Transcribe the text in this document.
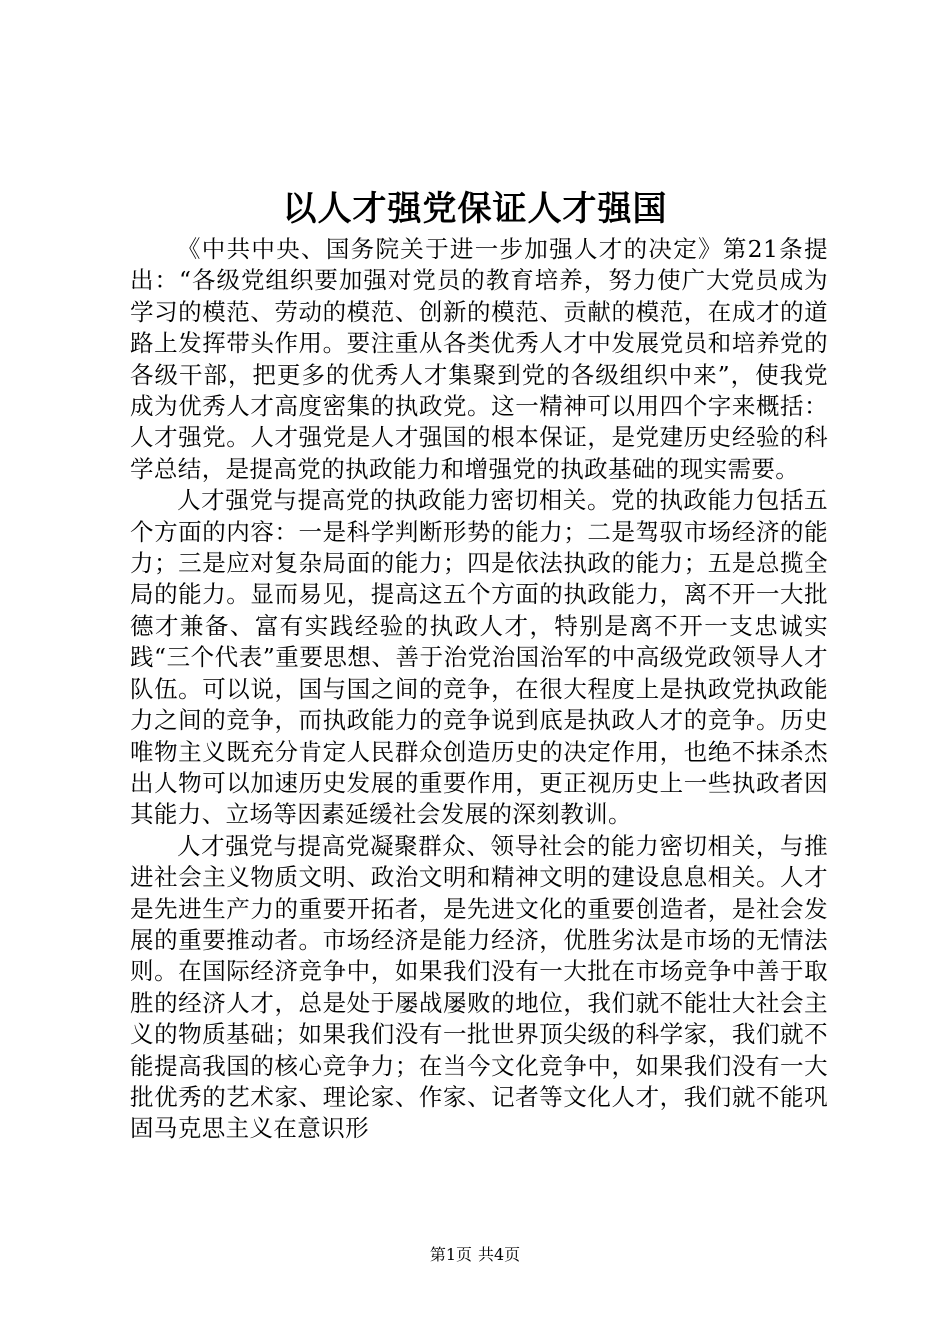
以人才强党保证人才强国

《中共中央、国务院关于进一步加强人才的决定》第21条提出：“各级党组织要加强对党员的教育培养，努力使广大党员成为学习的模范、劳动的模范、创新的模范、贡献的模范，在成才的道路上发挥带头作用。要注重从各类优秀人才中发展党员和培养党的各级干部，把更多的优秀人才集聚到党的各级组织中来”，使我党成为优秀人才高度密集的执政党。这一精神可以用四个字来概括：人才强党。人才强党是人才强国的根本保证，是党建历史经验的科学总结，是提高党的执政能力和增强党的执政基础的现实需要。

人才强党与提高党的执政能力密切相关。党的执政能力包括五个方面的内容：一是科学判断形势的能力；二是驾驭市场经济的能力；三是应对复杂局面的能力；四是依法执政的能力；五是总揽全局的能力。显而易见，提高这五个方面的执政能力，离不开一大批德才兼备、富有实践经验的执政人才，特别是离不开一支忠诚实践“三个代表”重要思想、善于治党治国治军的中高级党政领导人才队伍。可以说，国与国之间的竞争，在很大程度上是执政党执政能力之间的竞争，而执政能力的竞争说到底是执政人才的竞争。历史唯物主义既充分肯定人民群众创造历史的决定作用，也绝不抹杀杰出人物可以加速历史发展的重要作用，更正视历史上一些执政者因其能力、立场等因素延缓社会发展的深刻教训。

人才强党与提高党凝聚群众、领导社会的能力密切相关，与推进社会主义物质文明、政治文明和精神文明的建设息息相关。人才是先进生产力的重要开拓者，是先进文化的重要创造者，是社会发展的重要推动者。市场经济是能力经济，优胜劣汰是市场的无情法则。在国际经济竞争中，如果我们没有一大批在市场竞争中善于取胜的经济人才，总是处于屡战屡败的地位，我们就不能壮大社会主义的物质基础；如果我们没有一批世界顶尖级的科学家，我们就不能提高我国的核心竞争力；在当今文化竞争中，如果我们没有一大批优秀的艺术家、理论家、作家、记者等文化人才，我们就不能巩固马克思主义在意识形

第1页 共4页
